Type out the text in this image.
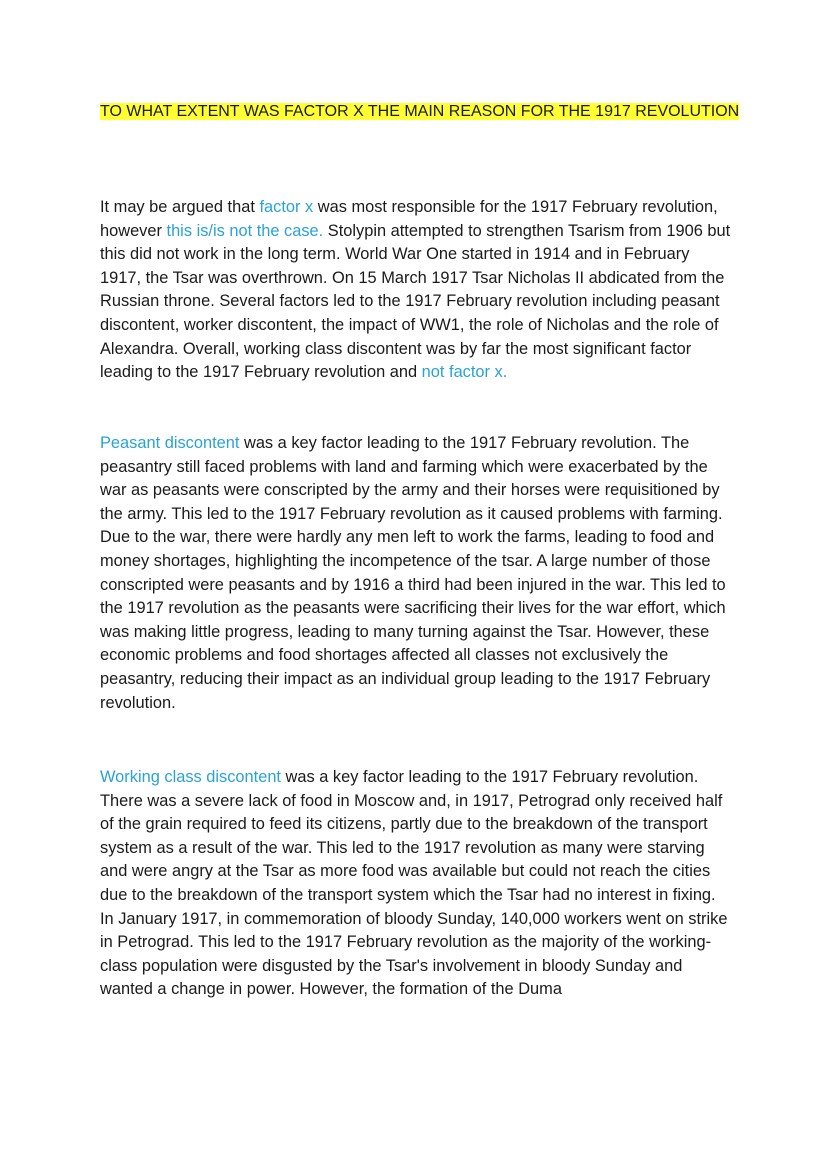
TO WHAT EXTENT WAS FACTOR X THE MAIN REASON FOR THE 1917 REVOLUTION

It may be argued that factor x was most responsible for the 1917 February revolution, however this is/is not the case. Stolypin attempted to strengthen Tsarism from 1906 but this did not work in the long term. World War One started in 1914 and in February 1917, the Tsar was overthrown. On 15 March 1917 Tsar Nicholas II abdicated from the Russian throne. Several factors led to the 1917 February revolution including peasant discontent, worker discontent, the impact of WW1, the role of Nicholas and the role of Alexandra. Overall, working class discontent was by far the most significant factor leading to the 1917 February revolution and not factor x.

Peasant discontent was a key factor leading to the 1917 February revolution. The peasantry still faced problems with land and farming which were exacerbated by the war as peasants were conscripted by the army and their horses were requisitioned by the army. This led to the 1917 February revolution as it caused problems with farming. Due to the war, there were hardly any men left to work the farms, leading to food and money shortages, highlighting the incompetence of the tsar. A large number of those conscripted were peasants and by 1916 a third had been injured in the war. This led to the 1917 revolution as the peasants were sacrificing their lives for the war effort, which was making little progress, leading to many turning against the Tsar. However, these economic problems and food shortages affected all classes not exclusively the peasantry, reducing their impact as an individual group leading to the 1917 February revolution.

Working class discontent was a key factor leading to the 1917 February revolution. There was a severe lack of food in Moscow and, in 1917, Petrograd only received half of the grain required to feed its citizens, partly due to the breakdown of the transport system as a result of the war. This led to the 1917 revolution as many were starving and were angry at the Tsar as more food was available but could not reach the cities due to the breakdown of the transport system which the Tsar had no interest in fixing. In January 1917, in commemoration of bloody Sunday, 140,000 workers went on strike in Petrograd. This led to the 1917 February revolution as the majority of the working-class population were disgusted by the Tsar's involvement in bloody Sunday and wanted a change in power. However, the formation of the Duma
